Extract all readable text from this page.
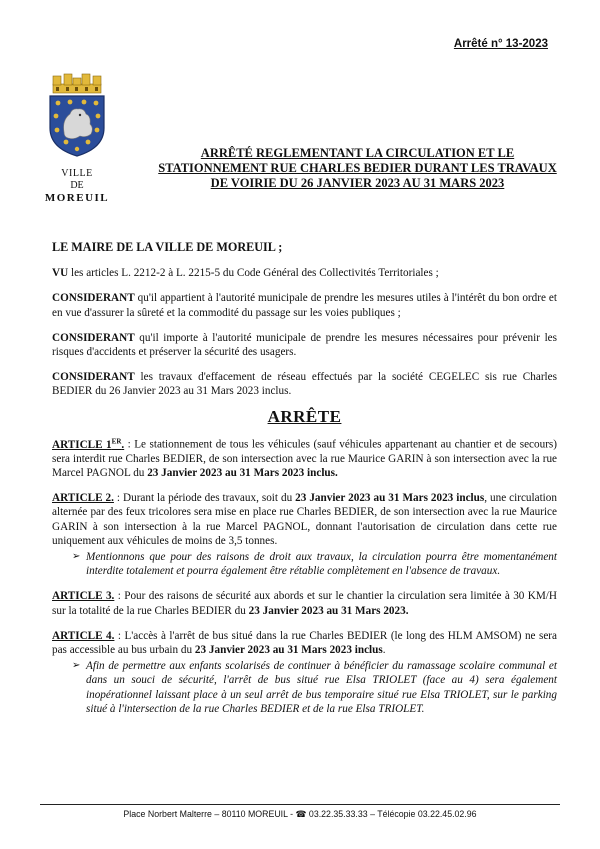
Arrêté n° 13-2023
VILLE
DE
MOREUIL
ARRÊTÉ REGLEMENTANT LA CIRCULATION ET LE STATIONNEMENT RUE CHARLES BEDIER DURANT LES TRAVAUX DE VOIRIE DU 26 JANVIER 2023 AU 31 MARS 2023

LE MAIRE DE LA VILLE DE MOREUIL ;

VU les articles L. 2212-2 à L. 2215-5 du Code Général des Collectivités Territoriales ;

CONSIDERANT qu'il appartient à l'autorité municipale de prendre les mesures utiles à l'intérêt du bon ordre et en vue d'assurer la sûreté et la commodité du passage sur les voies publiques ;

CONSIDERANT qu'il importe à l'autorité municipale de prendre les mesures nécessaires pour prévenir les risques d'accidents et préserver la sécurité des usagers.

CONSIDERANT les travaux d'effacement de réseau effectués par la société CEGELEC sis rue Charles BEDIER du 26 Janvier 2023 au 31 Mars 2023 inclus.

ARRÊTE

ARTICLE 1ER. : Le stationnement de tous les véhicules (sauf véhicules appartenant au chantier et de secours) sera interdit rue Charles BEDIER, de son intersection avec la rue Maurice GARIN à son intersection avec la rue Marcel PAGNOL du 23 Janvier 2023 au 31 Mars 2023 inclus.

ARTICLE 2. : Durant la période des travaux, soit du 23 Janvier 2023 au 31 Mars 2023 inclus, une circulation alternée par des feux tricolores sera mise en place rue Charles BEDIER, de son intersection avec la rue Maurice GARIN à son intersection à la rue Marcel PAGNOL, donnant l'autorisation de circulation dans cette rue uniquement aux véhicules de moins de 3,5 tonnes.

➢ Mentionnons que pour des raisons de droit aux travaux, la circulation pourra être momentanément interdite totalement et pourra également être rétablie complètement en l'absence de travaux.

ARTICLE 3. : Pour des raisons de sécurité aux abords et sur le chantier la circulation sera limitée à 30 KM/H sur la totalité de la rue Charles BEDIER du 23 Janvier 2023 au 31 Mars 2023.

ARTICLE 4. : L'accès à l'arrêt de bus situé dans la rue Charles BEDIER (le long des HLM AMSOM) ne sera pas accessible au bus urbain du 23 Janvier 2023 au 31 Mars 2023 inclus.

➢ Afin de permettre aux enfants scolarisés de continuer à bénéficier du ramassage scolaire communal et dans un souci de sécurité, l'arrêt de bus situé rue Elsa TRIOLET (face au 4) sera également inopérationnel laissant place à un seul arrêt de bus temporaire situé rue Elsa TRIOLET, sur le parking situé à l'intersection de la rue Charles BEDIER et de la rue Elsa TRIOLET.
Place Norbert Malterre – 80110 MOREUIL - ☎ 03.22.35.33.33 – Télécopie 03.22.45.02.96
